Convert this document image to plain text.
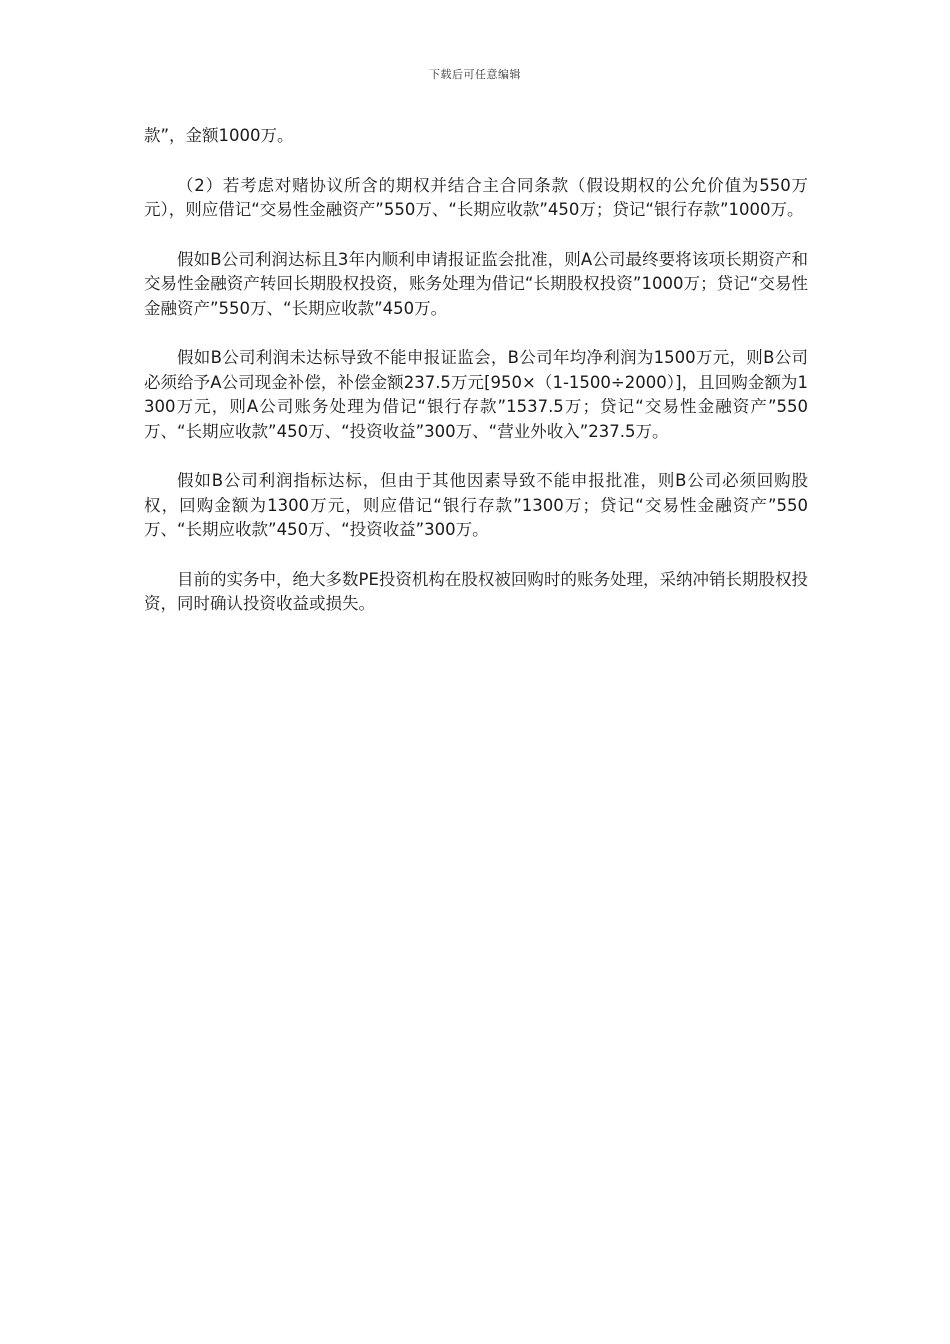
下载后可任意编辑

款”，金额1000万。

（2）若考虑对赌协议所含的期权并结合主合同条款（假设期权的公允价值为550万元），则应借记“交易性金融资产”550万、“长期应收款”450万；贷记“银行存款”1000万。

假如B公司利润达标且3年内顺利申请报证监会批准，则A公司最终要将该项长期资产和交易性金融资产转回长期股权投资，账务处理为借记“长期股权投资”1000万；贷记“交易性金融资产”550万、“长期应收款”450万。

假如B公司利润未达标导致不能申报证监会，B公司年均净利润为1500万元，则B公司必须给予A公司现金补偿，补偿金额237.5万元[950×（1-1500÷2000）]，且回购金额为1300万元，则A公司账务处理为借记“银行存款”1537.5万；贷记“交易性金融资产”550万、“长期应收款”450万、“投资收益”300万、“营业外收入”237.5万。

假如B公司利润指标达标，但由于其他因素导致不能申报批准，则B公司必须回购股权，回购金额为1300万元，则应借记“银行存款”1300万；贷记“交易性金融资产”550万、“长期应收款”450万、“投资收益”300万。

目前的实务中，绝大多数PE投资机构在股权被回购时的账务处理，采纳冲销长期股权投资，同时确认投资收益或损失。
